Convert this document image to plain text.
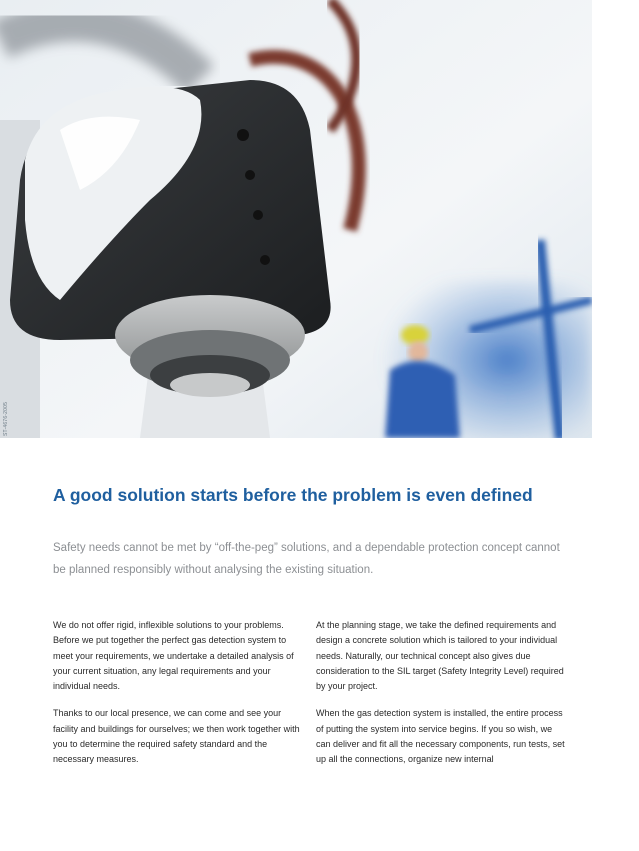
ST-4676-2005
A good solution starts before the problem is even defined

Safety needs cannot be met by “off-the-peg” solutions, and a dependable protection concept cannot be planned responsibly without analysing the existing situation.

We do not offer rigid, inflexible solutions to your problems. Before we put together the perfect gas detection system to meet your requirements, we undertake a detailed analysis of your current situation, any legal requirements and your individual needs.

Thanks to our local presence, we can come and see your facility and buildings for ourselves; we then work together with you to determine the required safety standard and the necessary measures.

At the planning stage, we take the defined requirements and design a concrete solution which is tailored to your individual needs. Naturally, our technical concept also gives due consideration to the SIL target (Safety Integrity Level) required by your project.

When the gas detection system is installed, the entire process of putting the system into service begins. If you so wish, we can deliver and fit all the necessary components, run tests, set up all the connections, organize new internal
